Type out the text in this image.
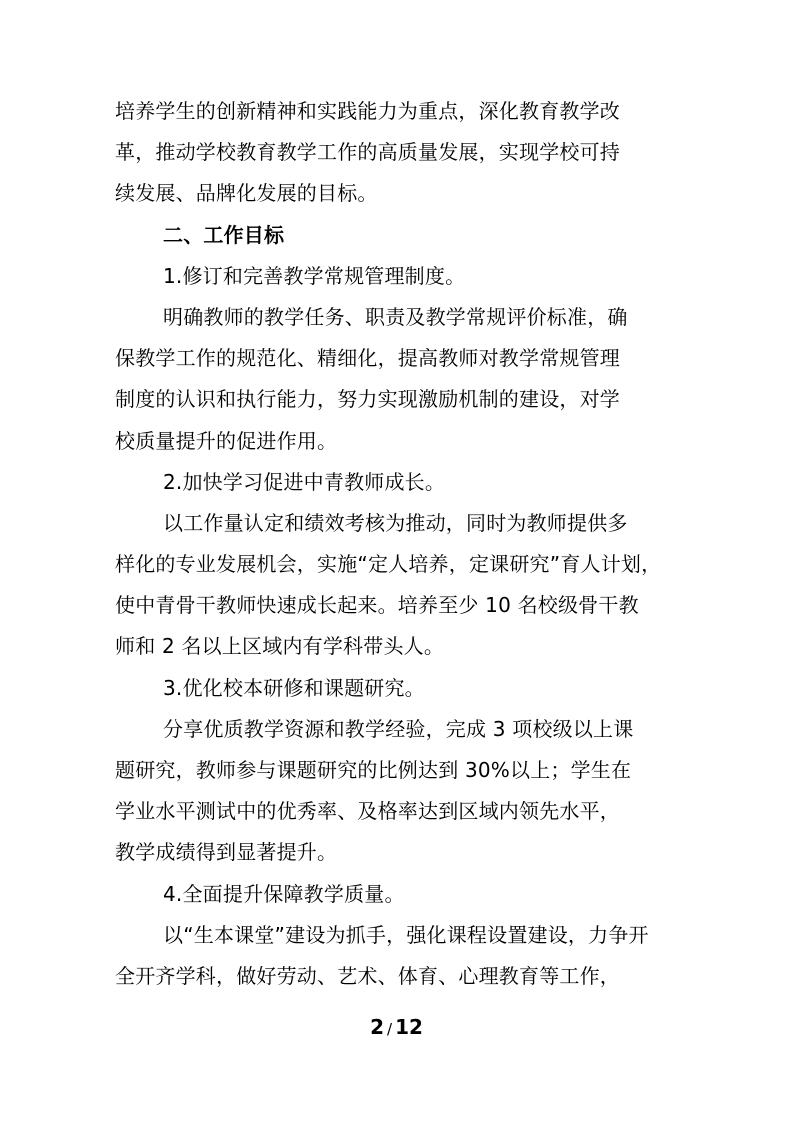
培养学生的创新精神和实践能力为重点，深化教育教学改
革，推动学校教育教学工作的高质量发展，实现学校可持
续发展、品牌化发展的目标。
二、工作目标
1.修订和完善教学常规管理制度。
明确教师的教学任务、职责及教学常规评价标准，确
保教学工作的规范化、精细化，提高教师对教学常规管理
制度的认识和执行能力，努力实现激励机制的建设，对学
校质量提升的促进作用。
2.加快学习促进中青教师成长。
以工作量认定和绩效考核为推动，同时为教师提供多
样化的专业发展机会，实施“定人培养，定课研究”育人计划，
使中青骨干教师快速成长起来。培养至少 10 名校级骨干教
师和 2 名以上区域内有学科带头人。
3.优化校本研修和课题研究。
分享优质教学资源和教学经验，完成 3 项校级以上课
题研究，教师参与课题研究的比例达到 30%以上；学生在
学业水平测试中的优秀率、及格率达到区域内领先水平，
教学成绩得到显著提升。
4.全面提升保障教学质量。
以“生本课堂”建设为抓手，强化课程设置建设，力争开
全开齐学科，做好劳动、艺术、体育、心理教育等工作，
2 / 12
